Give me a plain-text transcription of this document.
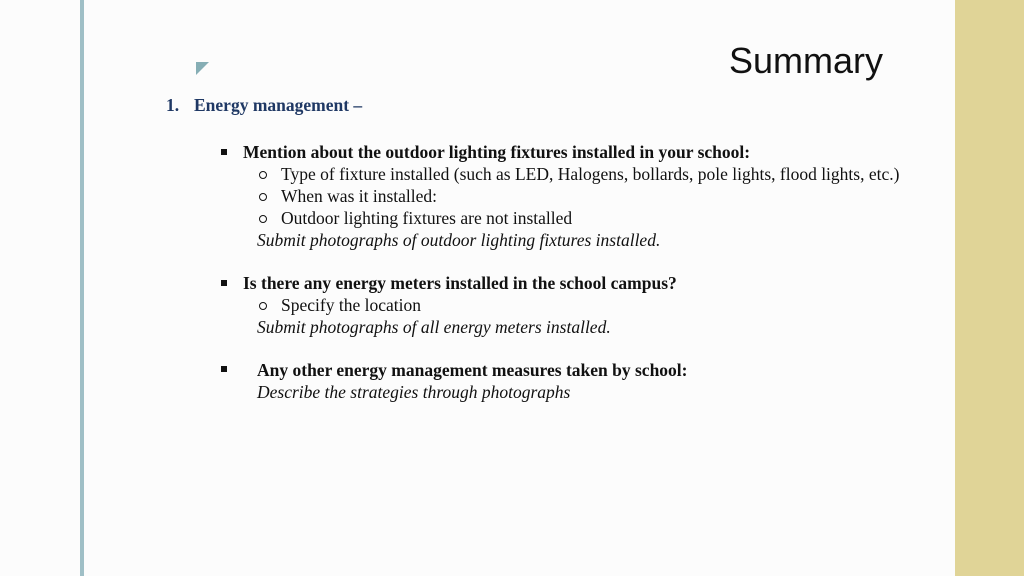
Summary
1. Energy management –
Mention about the outdoor lighting fixtures installed in your school:
Type of fixture installed (such as LED, Halogens, bollards, pole lights, flood lights, etc.)
When was it installed:
Outdoor lighting fixtures are not installed
Submit photographs of outdoor lighting fixtures installed.
Is there any energy meters installed in the school campus?
Specify the location
Submit photographs of all energy meters installed.
Any other energy management measures taken by school:
Describe the strategies through photographs
